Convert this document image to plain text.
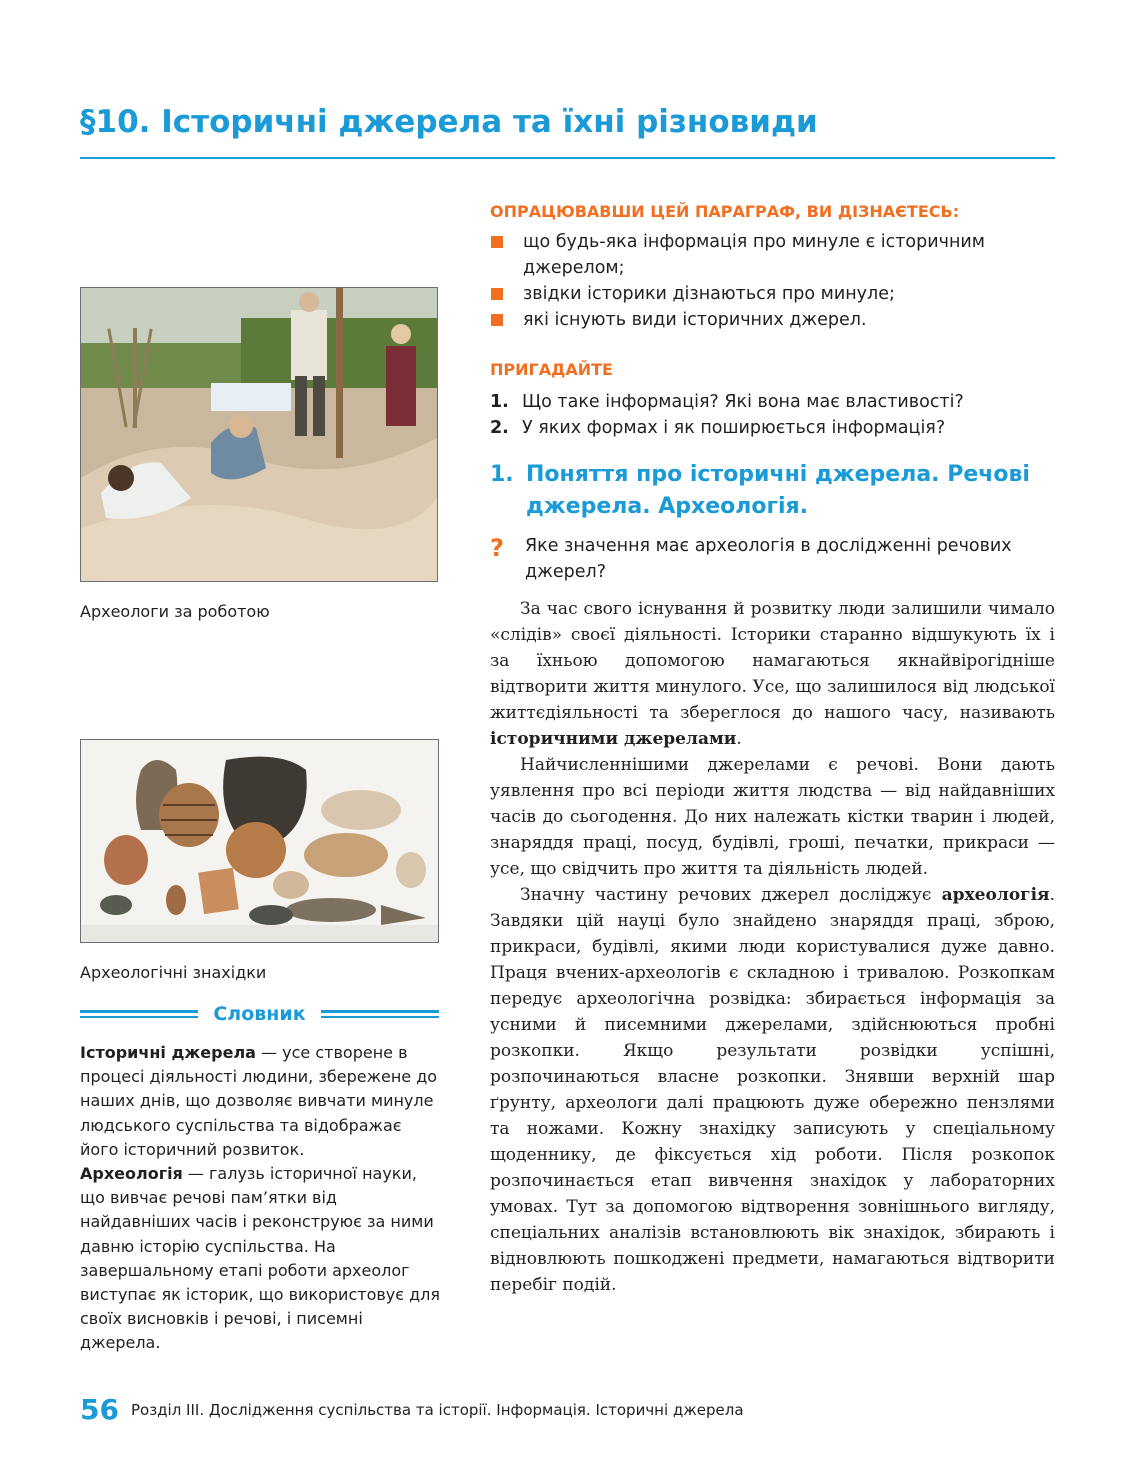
§10. Історичні джерела та їхні різновиди
Археологи за роботою
Археологічні знахідки
Словник

Історичні джерела — усе створене в процесі діяльності людини, збережене до наших днів, що дозволяє вивчати минуле людського суспільства та відображає його історичний розвиток.

Археологія — галузь історичної науки, що вивчає речові пам’ятки від найдавніших часів і реконструює за ними давню історію суспільства. На завершальному етапі роботи археолог виступає як історик, що використовує для своїх висновків і речові, і писемні джерела.

ОПРАЦЮВАВШИ ЦЕЙ ПАРАГРАФ, ВИ ДІЗНАЄТЕСЬ:
що будь-яка інформація про минуле є історичним джерелом;
звідки історики дізнаються про минуле;
які існують види історичних джерел.
ПРИГАДАЙТЕ
1. Що таке інформація? Які вона має властивості?
2. У яких формах і як поширюється інформація?
1. Поняття про історичні джерела. Речові джерела. Археологія.
?	Яке значення має археологія в дослідженні речових джерел?

За час свого існування й розвитку люди залишили чимало «слідів» своєї діяльності. Історики старанно відшукують їх і за їхньою допомогою намагаються якнайвірогідніше відтворити життя минулого. Усе, що залишилося від людської життєдіяльності та збереглося до нашого часу, називають історичними джерелами.

Найчисленнішими джерелами є речові. Вони дають уявлення про всі періоди життя людства — від найдавніших часів до сьогодення. До них належать кістки тварин і людей, знаряддя праці, посуд, будівлі, гроші, печатки, прикраси — усе, що свідчить про життя та діяльність людей.

Значну частину речових джерел досліджує археологія. Завдяки цій науці було знайдено знаряддя праці, зброю, прикраси, будівлі, якими люди користувалися дуже давно. Праця вчених-археологів є складною і тривалою. Розкопкам передує археологічна розвідка: збирається інформація за усними й писемними джерелами, здійснюються пробні розкопки. Якщо результати розвідки успішні, розпочинаються власне розкопки. Знявши верхній шар ґрунту, археологи далі працюють дуже обережно пензлями та ножами. Кожну знахідку записують у спеціальному щоденнику, де фіксується хід роботи. Після розкопок розпочинається етап вивчення знахідок у лабораторних умовах. Тут за допомогою відтворення зовнішнього вигляду, спеціальних аналізів встановлюють вік знахідок, збирають і відновлюють пошкоджені предмети, намагаються відтворити перебіг подій.

56 Розділ ІІІ. Дослідження суспільства та історії. Інформація. Історичні джерела
